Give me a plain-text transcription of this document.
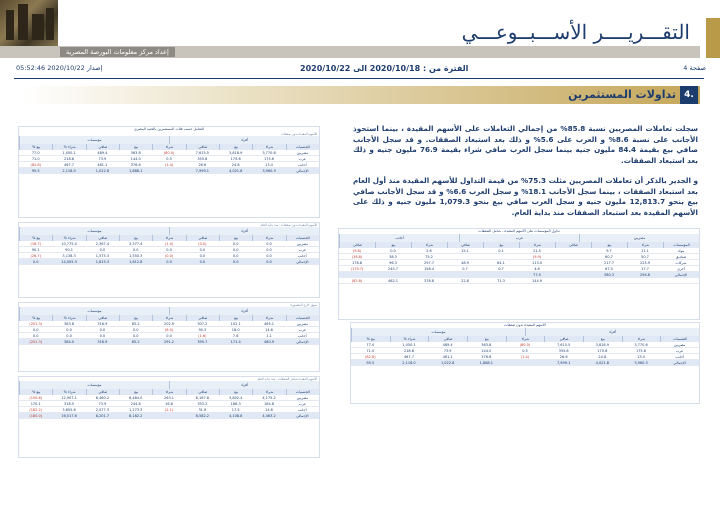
التقـــريــــر الأســـبــوعـــي
إعداد مركز معلومات البورصة المصرية
إصدار 2020/10/22 05:52:46	الفترة من : 2020/10/18 الى 2020/10/22	صفحة 4
تداولات المستثمرين 4.
سجلت تعاملات المصريين نسبة 85.8% من إجمالي التعاملات على الأسهم المقيدة ، بينما استحوذ الأجانب على نسبة 8.6% و العرب على 5.6% و ذلك بعد استبعاد الصفقات. و قد سجل الأجانب صافي بيع بقيمة 84.4 مليون جنيه بينما سجل العرب صافي شراء بقيمة 76.9 مليون جنيه و ذلك بعد استبعاد الصفقات.
و الجدير بالذكر أن تعاملات المصريين مثلت 75.3% من قيمة التداول للأسهم المقيدة منذ أول العام بعد استبعاد الصفقات ، بينما سجل الأجانب 18.1% و سجل العرب 6.6% و قد سجل الأجانب صافي بيع بنحو 12,813.7 مليون جنيه و سجل العرب صافي بيع بنحو 1,079.3 مليون جنيه و ذلك على الأسهم المقيدة بعد استبعاد الصفقات منذ بداية العام.
التعامل حسب فئات المستثمرين بالجنيه المصري
الأسهم المقيدة بدون صفقات
أفراد
مؤسسات
الجنسيات
شراء
بيع
صافي
شراء
بيع
صافي
شراء %
بيع %
مصريين
3,770.6
3,818.9
7,615.5
(80.0)
363.8
489.4
1,050.1
77.0
عرب
175.6
175.6
355.8
0.5
144.0
73.9
218.8
71.0
أجانب
13.4
24.8
26.6
(1.4)
376.6
461.1
467.7
(82.8)
الإجمالي
3,960.3
4,021.8
7,999.1
1,888.1
1,022.8
2,118.0
95.5
الأسهم المقيدة بدون صفقات - منذ بداية العام
أفراد
مؤسسات
الجنسيات
شراء
بيع
صافي
شراء
بيع
صافي
شراء %
بيع %
مصريين
0.0
0.0
(0.0)
(1.0)
3,377.4
2,367.4
10,775.0
(16.7)
عرب
0.0
0.0
0.0
0.0
0.0
0.0
90.1
90.1
أجانب
0.0
0.0
0.0
(0.0)
1,550.3
1,575.3
3,138.3
(26.7)
الإجمالي
0.0
0.0
0.0
0.0
1,612.8
1,615.3
14,005.3
0.0
سوق خارج المقصورة
أفراد
مؤسسات
الجنسيات
شراء
بيع
صافي
شراء
بيع
صافي
شراء %
بيع %
مصريين
465.1
152.1
307.2
202.9
85.2
316.9
383.8
(201.3)
عرب
14.6
18.0
90.3
(6.0)
0.0
0.0
0.0
0.0
أجانب
1.1
7.6
(1.6)
0.0
0.0
0.0
0.0
0.0
الإجمالي
480.9
171.4
395.7
291.2
85.2
316.9
384.0
(201.3)
الأسهم المقيدة شامل الصفقات - منذ بداية العام
أفراد
مؤسسات
الجنسيات
شراء
بيع
صافي
شراء
بيع
صافي
شراء %
بيع %
مصريين
4,175.2
3,802.4
8,167.8
263.1
6,484.0
6,460.2
12,907.1
(150.6)
عرب
184.8
168.3
353.2
16.6
244.8
73.9
318.5
170.1
أجانب
14.6
17.5
31.9
(2.1)
1,273.3
2,077.3
3,855.6
(182.2)
الإجمالي
4,463.2
4,108.8
8,582.2
8,182.2
8,201.7
16,517.6
(180.0)
تداول المؤسسات على الأسهم المقيدة - شامل الصفقات
مصريين
عرب
أجانب
المؤسسات
شراء
بيع
صافي
شراء
بيع
صافي
شراء
بيع
صافي
بنوك
11.1
9.7
21.5
0.1
15.1
2.6
0.0
(9.8)
صناديق
50.7
60.7
(9.9)
75.2
38.3
(18.8)
شركات
225.9
217.7
113.0
64.1
48.9
297.7
96.3
178.8
أخرى
17.7
67.0
4.6
0.7
0.7
158.4
245.7
(179.7)
الإجمالي
294.8
380.3
77.5
144.9
71.3
22.8
378.8
462.1
(82.8)
الأسهم المقيدة بدون صفقات
أفراد
مؤسسات
الجنسيات
شراء
بيع
صافي
شراء
بيع
صافي
شراء %
بيع %
مصريين
3,770.6
3,818.9
7,615.5
(80.0)
363.8
489.4
1,050.1
77.0
عرب
175.6
175.6
355.8
0.5
144.0
73.9
218.8
71.0
أجانب
13.4
24.8
26.6
(1.4)
376.6
461.1
467.7
(82.8)
الإجمالي
3,960.3
4,021.8
7,999.1
1,888.1
1,022.8
2,118.0
95.5
